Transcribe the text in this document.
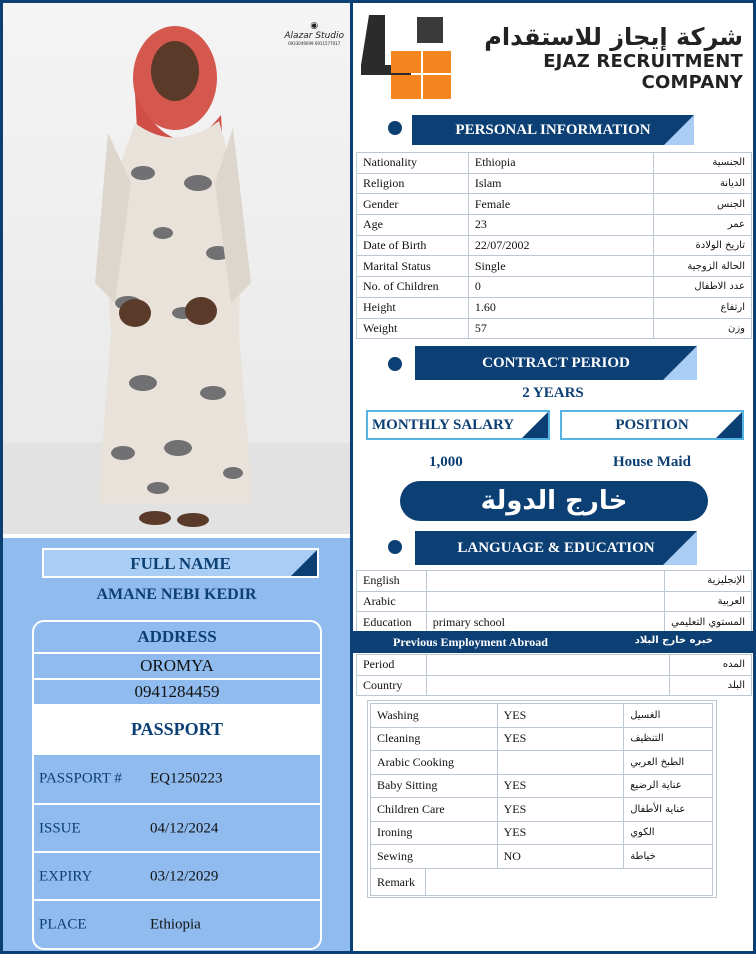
◉
Alazar Studio
0933049099 0911577017
FULL NAME
AMANE NEBI KEDIR
ADDRESS
OROMYA
0941284459
PASSPORT
PASSPORT # EQ1250223
ISSUE	04/12/2024
EXPIRY	03/12/2029
PLACE	Ethiopia
شركة إيجاز للاستقدام
EJAZ RECRUITMENT COMPANY
PERSONAL INFORMATION
Nationality	Ethiopia	الجنسية
Religion	Islam	الديانة
Gender	Female	الجنس
Age	23	عمر
Date of Birth	22/07/2002	تاريخ الولادة
Marital Status	Single	الحالة الزوجية
No. of Children	0	عدد الاطفال
Height	1.60	ارتفاع
Weight	57	وزن
CONTRACT PERIOD
2 YEARS
MONTHLY SALARY	POSITION
1,000	House Maid
خارج الدولة
LANGUAGE & EDUCATION
English		الإنجليزية
Arabic		العربية
Education	primary school	المستوي التعليمي
Previous Employment Abroad	خبره خارج البلاد
Period		المده
Country		البلد
Washing	YES	الغسيل
Cleaning	YES	التنظيف
Arabic Cooking		الطبخ العربي
Baby Sitting	YES	عناية الرضيع
Children Care	YES	عناية الأطفال
Ironing	YES	الكوي
Sewing	NO	خياطة
Remark	
